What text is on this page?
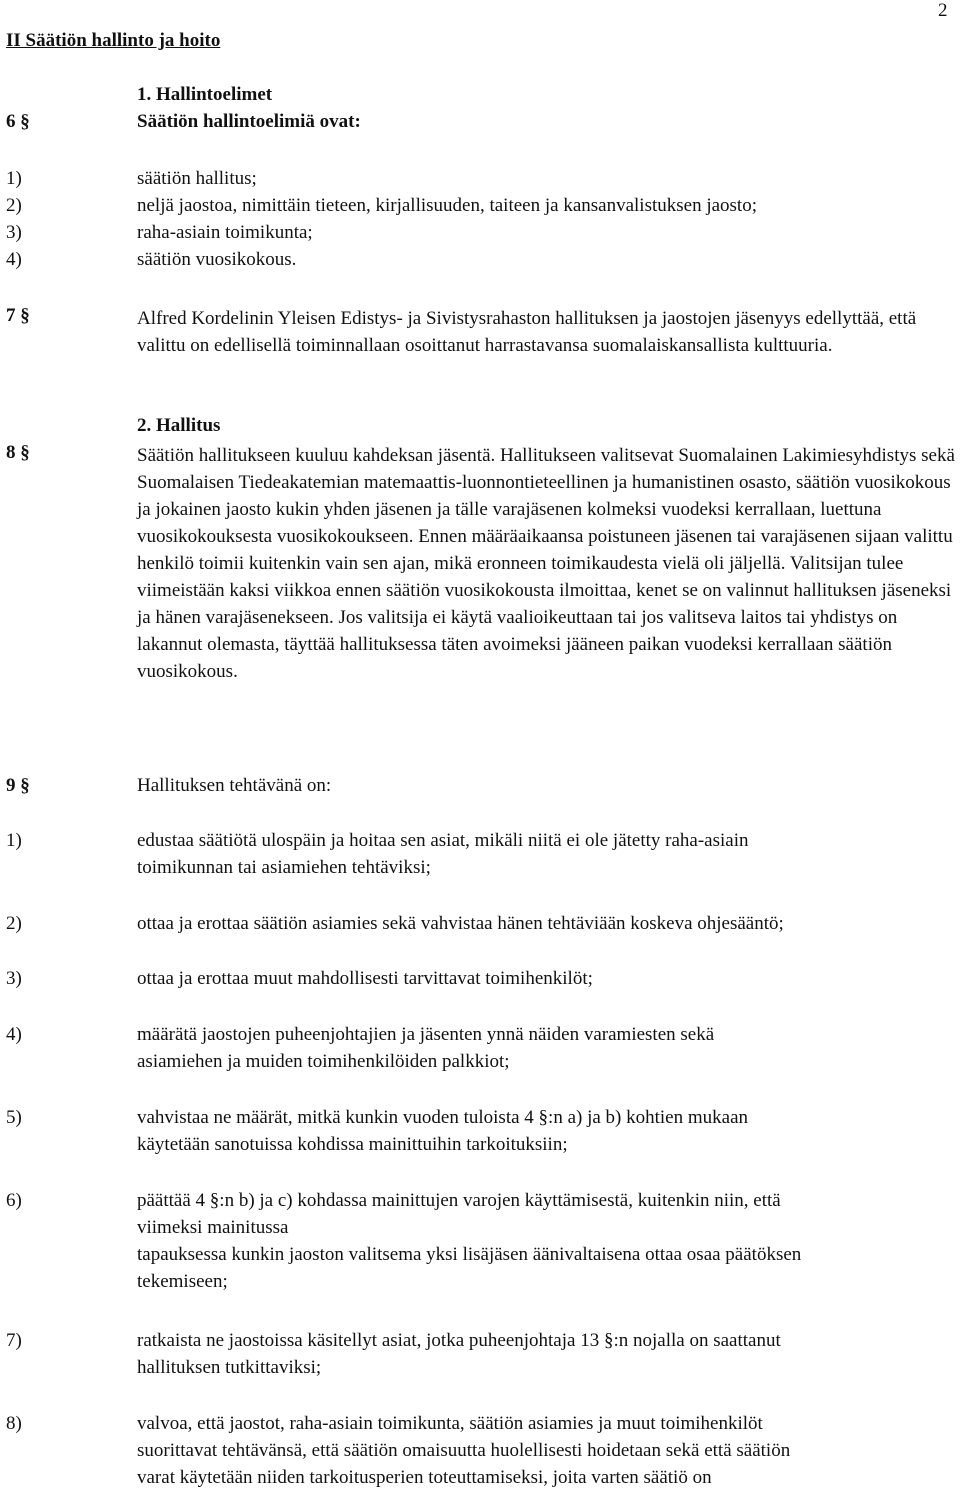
2
II Säätiön hallinto ja hoito
1. Hallintoelimet
6 §	Säätiön hallintoelimiä ovat:
1)	säätiön hallitus;
2)	neljä jaostoa, nimittäin tieteen, kirjallisuuden, taiteen ja kansanvalistuksen jaosto;
3)	raha-asiain toimikunta;
4)	säätiön vuosikokous.
7 §	Alfred Kordelinin Yleisen Edistys- ja Sivistysrahaston hallituksen ja jaostojen jäsenyys edellyttää, että valittu on edellisellä toiminnallaan osoittanut harrastavansa suomalaiskansallista kulttuuria.
2. Hallitus
8 §	Säätiön hallitukseen kuuluu kahdeksan jäsentä. Hallitukseen valitsevat Suomalainen Lakimiesyhdistys sekä Suomalaisen Tiedeakatemian matemaattis-luonnontieteellinen ja humanistinen osasto, säätiön vuosikokous ja jokainen jaosto kukin yhden jäsenen ja tälle varajäsenen kolmeksi vuodeksi kerrallaan, luettuna vuosikokouksesta vuosikokoukseen. Ennen määräaikaansa poistuneen jäsenen tai varajäsenen sijaan valittu henkilö toimii kuitenkin vain sen ajan, mikä eronneen toimikaudesta vielä oli jäljellä. Valitsijan tulee viimeistään kaksi viikkoa ennen säätiön vuosikokousta ilmoittaa, kenet se on valinnut hallituksen jäseneksi ja hänen varajäsenekseen. Jos valitsija ei käytä vaalioikeuttaan tai jos valitseva laitos tai yhdistys on lakannut olemasta, täyttää hallituksessa täten avoimeksi jääneen paikan vuodeksi kerrallaan säätiön vuosikokous.
9 §	Hallituksen tehtävänä on:
1)	edustaa säätiötä ulospäin ja hoitaa sen asiat, mikäli niitä ei ole jätetty raha-asiain
toimikunnan tai asiamiehen tehtäviksi;
2)	ottaa ja erottaa säätiön asiamies sekä vahvistaa hänen tehtäviään koskeva ohjesääntö;
3)	ottaa ja erottaa muut mahdollisesti tarvittavat toimihenkilöt;
4)	määrätä jaostojen puheenjohtajien ja jäsenten ynnä näiden varamiesten sekä
asiamiehen ja muiden toimihenkilöiden palkkiot;
5)	vahvistaa ne määrät, mitkä kunkin vuoden tuloista 4 §:n a) ja b) kohtien mukaan
käytetään sanotuissa kohdissa mainittuihin tarkoituksiin;
6)	päättää 4 §:n b) ja c) kohdassa mainittujen varojen käyttämisestä, kuitenkin niin, että
viimeksi mainitussa
tapauksessa kunkin jaoston valitsema yksi lisäjäsen äänivaltaisena ottaa osaa päätöksen
tekemiseen;
7)	ratkaista ne jaostoissa käsitellyt asiat, jotka puheenjohtaja 13 §:n nojalla on saattanut
hallituksen tutkittaviksi;
8)	valvoa, että jaostot, raha-asiain toimikunta, säätiön asiamies ja muut toimihenkilöt
suorittavat tehtävänsä, että säätiön omaisuutta huolellisesti hoidetaan sekä että säätiön
varat käytetään niiden tarkoitusperien toteuttamiseksi, joita varten säätiö on
